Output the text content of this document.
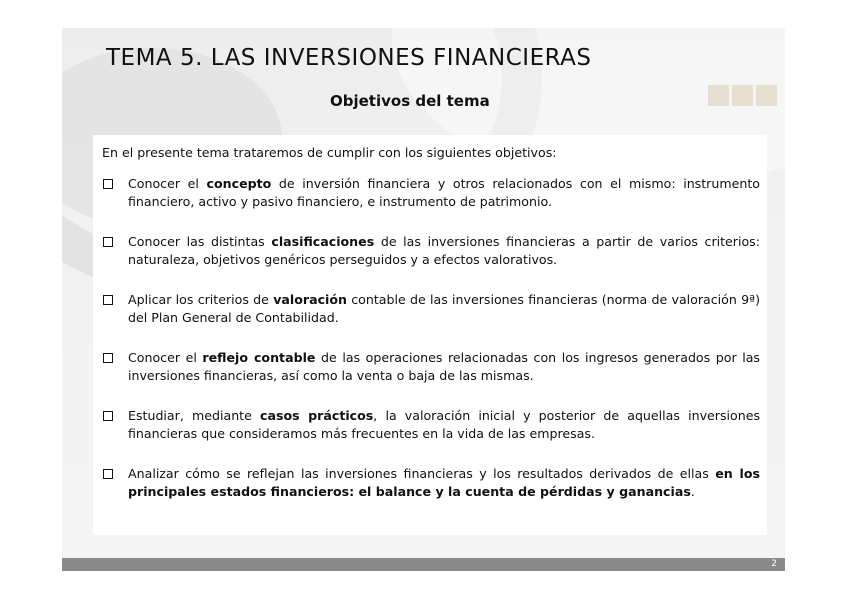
TEMA 5. LAS INVERSIONES FINANCIERAS
Objetivos del tema

En el presente tema trataremos de cumplir con los siguientes objetivos:

Conocer el concepto de inversión financiera y otros relacionados con el mismo: instrumento financiero, activo y pasivo financiero, e instrumento de patrimonio.
Conocer las distintas clasificaciones de las inversiones financieras a partir de varios criterios: naturaleza, objetivos genéricos perseguidos y a efectos valorativos.
Aplicar los criterios de valoración contable de las inversiones financieras (norma de valoración 9ª) del Plan General de Contabilidad.
Conocer el reflejo contable de las operaciones relacionadas con los ingresos generados por las inversiones financieras, así como la venta o baja de las mismas.
Estudiar, mediante casos prácticos, la valoración inicial y posterior de aquellas inversiones financieras que consideramos más frecuentes en la vida de las empresas.
Analizar cómo se reflejan las inversiones financieras y los resultados derivados de ellas en los principales estados financieros: el balance y la cuenta de pérdidas y ganancias.
2
